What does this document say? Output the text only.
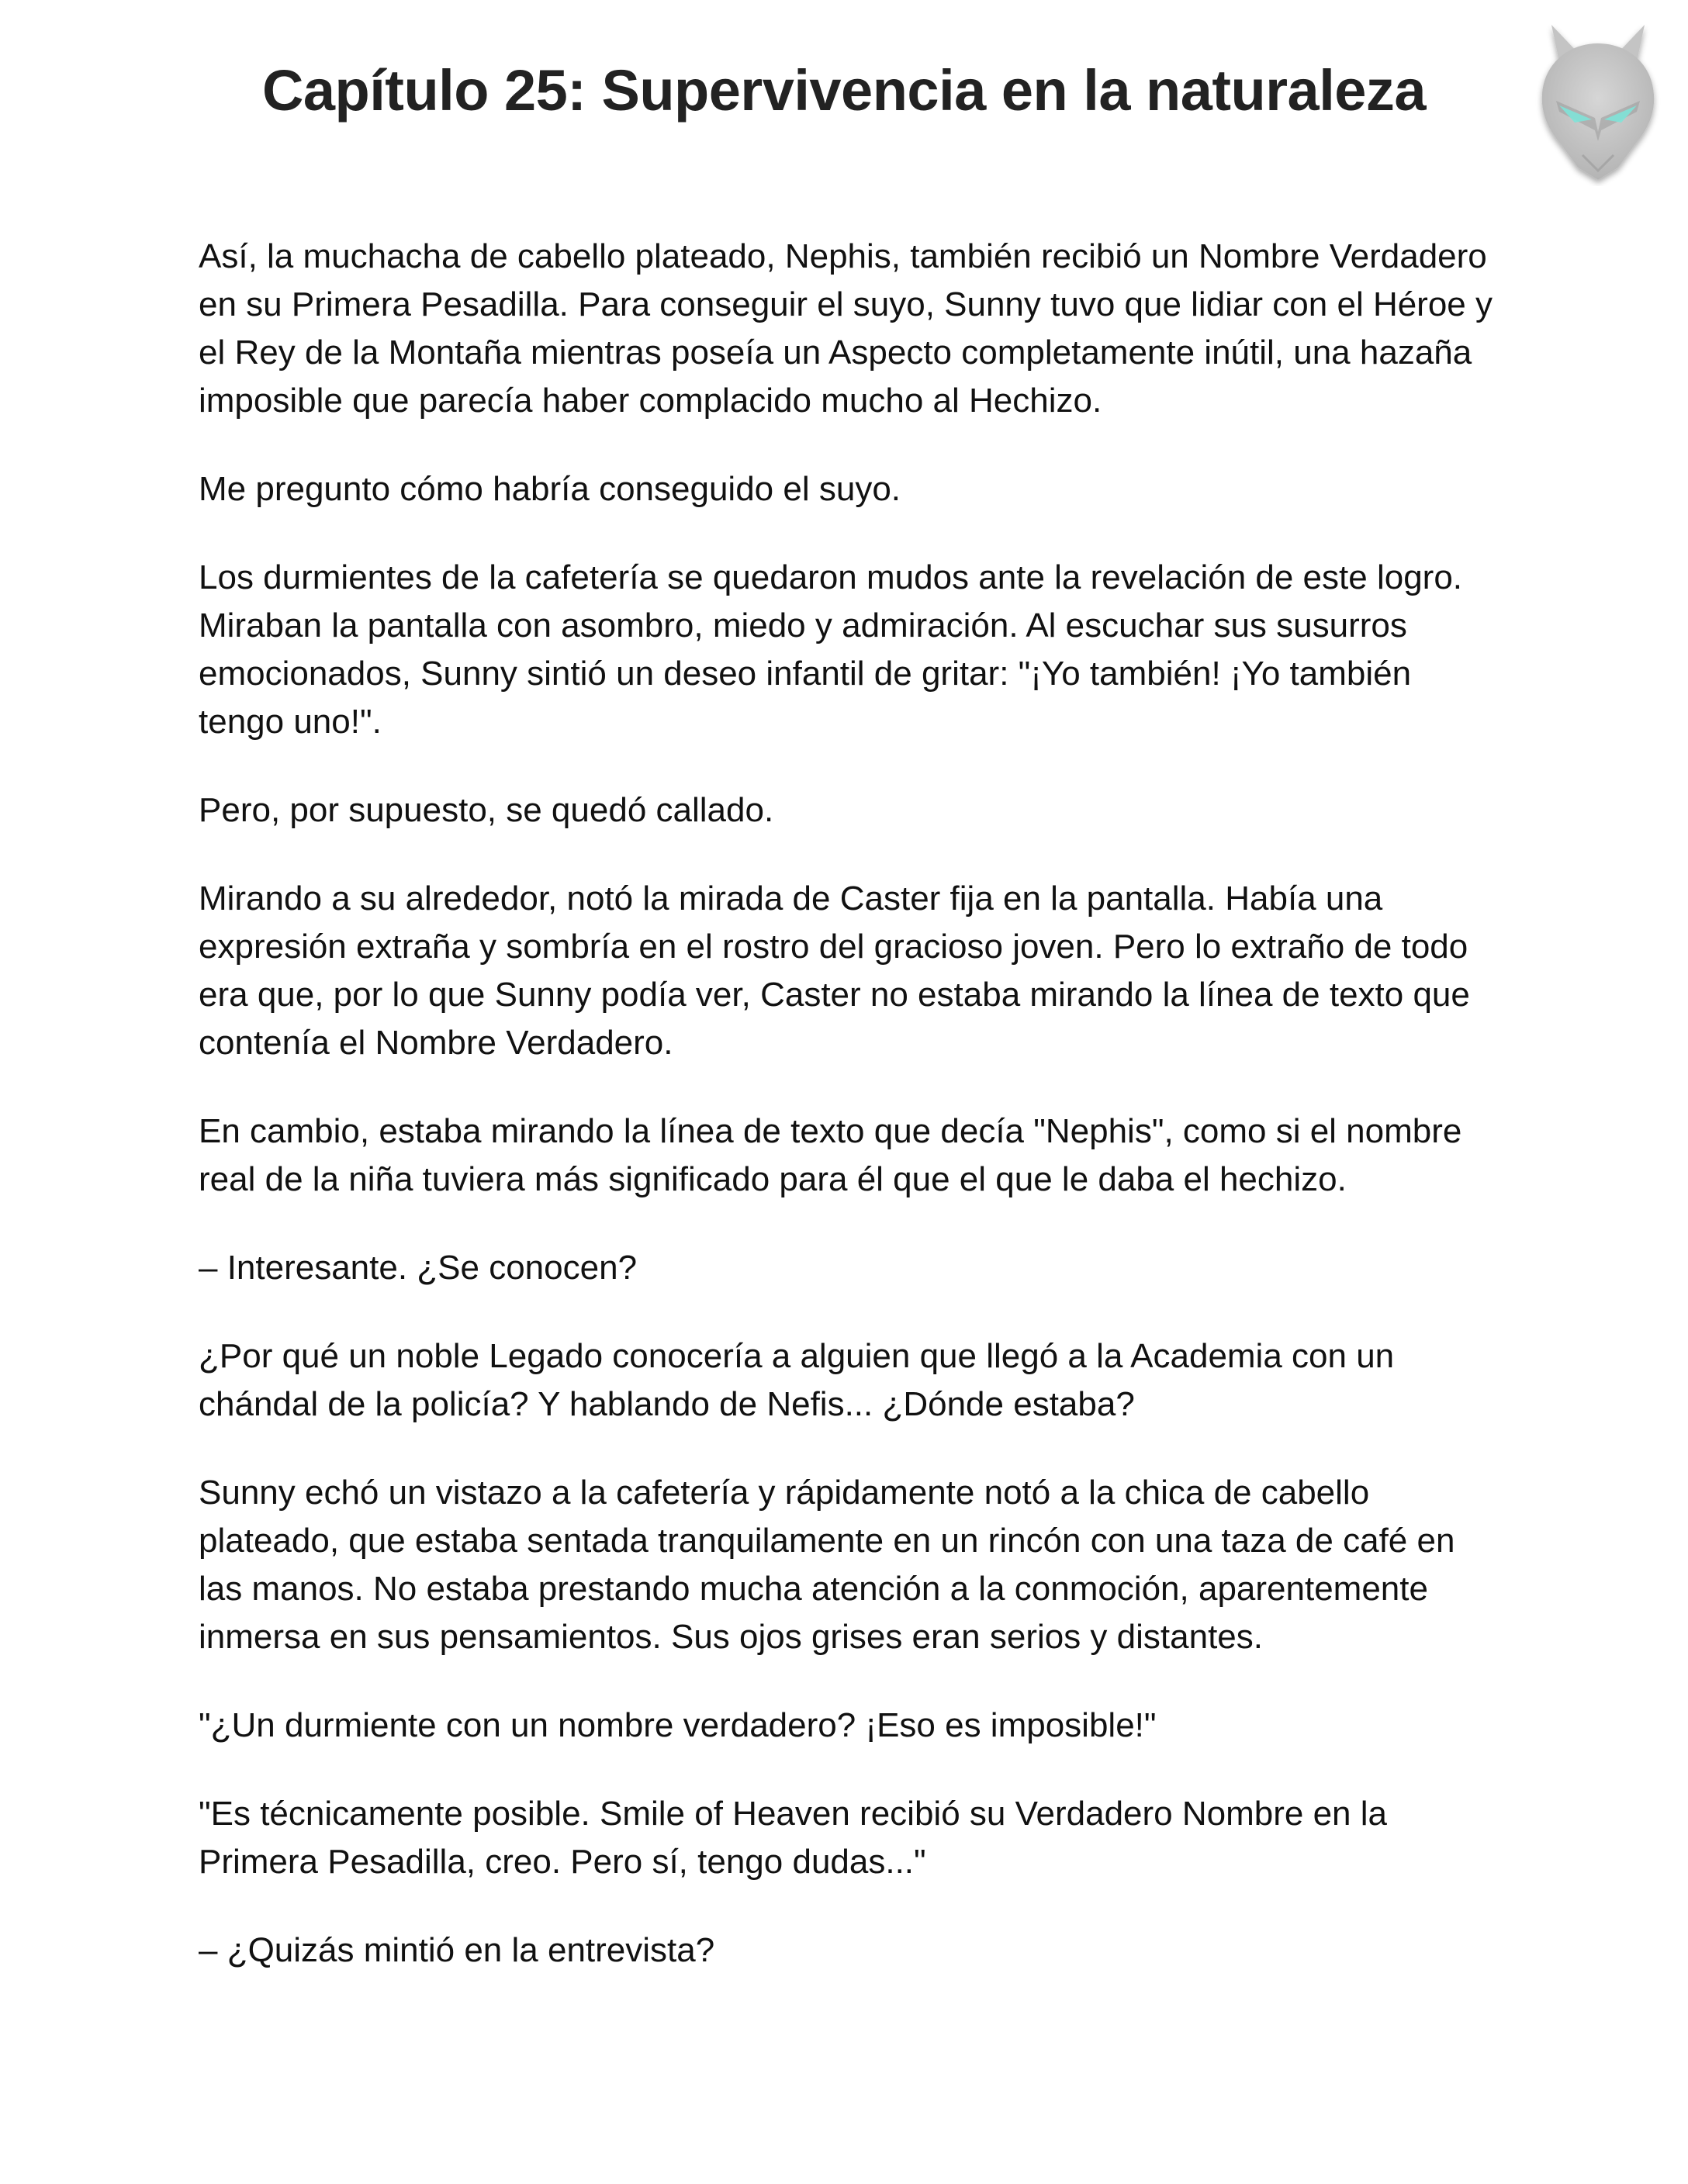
Capítulo 25: Supervivencia en la naturaleza

Así, la muchacha de cabello plateado, Nephis, también recibió un Nombre Verdadero en su Primera Pesadilla. Para conseguir el suyo, Sunny tuvo que lidiar con el Héroe y el Rey de la Montaña mientras poseía un Aspecto completamente inútil, una hazaña imposible que parecía haber complacido mucho al Hechizo.

Me pregunto cómo habría conseguido el suyo.

Los durmientes de la cafetería se quedaron mudos ante la revelación de este logro. Miraban la pantalla con asombro, miedo y admiración. Al escuchar sus susurros emocionados, Sunny sintió un deseo infantil de gritar: "¡Yo también! ¡Yo también tengo uno!".

Pero, por supuesto, se quedó callado.

Mirando a su alrededor, notó la mirada de Caster fija en la pantalla. Había una expresión extraña y sombría en el rostro del gracioso joven. Pero lo extraño de todo era que, por lo que Sunny podía ver, Caster no estaba mirando la línea de texto que contenía el Nombre Verdadero.

En cambio, estaba mirando la línea de texto que decía "Nephis", como si el nombre real de la niña tuviera más significado para él que el que le daba el hechizo.

– Interesante. ¿Se conocen?

¿Por qué un noble Legado conocería a alguien que llegó a la Academia con un chándal de la policía? Y hablando de Nefis... ¿Dónde estaba?

Sunny echó un vistazo a la cafetería y rápidamente notó a la chica de cabello plateado, que estaba sentada tranquilamente en un rincón con una taza de café en las manos. No estaba prestando mucha atención a la conmoción, aparentemente inmersa en sus pensamientos. Sus ojos grises eran serios y distantes.

"¿Un durmiente con un nombre verdadero? ¡Eso es imposible!"

"Es técnicamente posible. Smile of Heaven recibió su Verdadero Nombre en la Primera Pesadilla, creo. Pero sí, tengo dudas..."

– ¿Quizás mintió en la entrevista?
